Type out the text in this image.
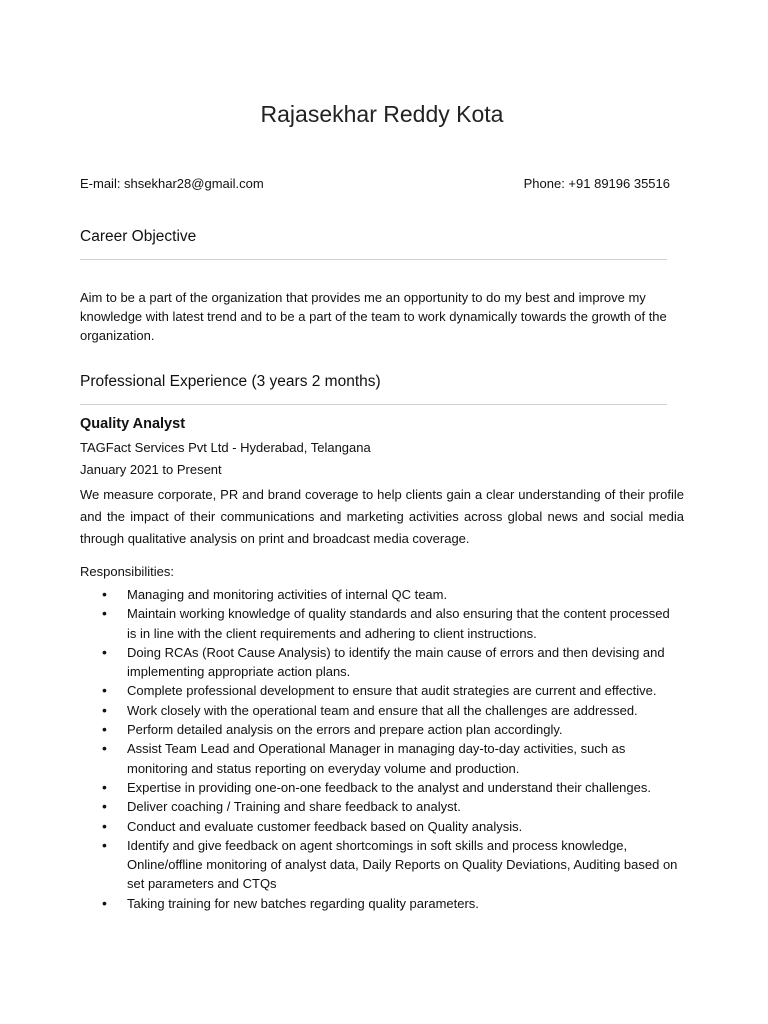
Rajasekhar Reddy Kota
E-mail: shsekhar28@gmail.com	Phone: +91 89196 35516
Career Objective
Aim to be a part of the organization that provides me an opportunity to do my best and improve my knowledge with latest trend and to be a part of the team to work dynamically towards the growth of the organization.
Professional Experience (3 years 2 months)
Quality Analyst
TAGFact Services Pvt Ltd - Hyderabad, Telangana
January 2021 to Present
We measure corporate, PR and brand coverage to help clients gain a clear understanding of their profile and the impact of their communications and marketing activities across global news and social media through qualitative analysis on print and broadcast media coverage.
Responsibilities:
• Managing and monitoring activities of internal QC team.
• Maintain working knowledge of quality standards and also ensuring that the content processed is in line with the client requirements and adhering to client instructions.
• Doing RCAs (Root Cause Analysis) to identify the main cause of errors and then devising and implementing appropriate action plans.
• Complete professional development to ensure that audit strategies are current and effective.
• Work closely with the operational team and ensure that all the challenges are addressed.
• Perform detailed analysis on the errors and prepare action plan accordingly.
• Assist Team Lead and Operational Manager in managing day-to-day activities, such as monitoring and status reporting on everyday volume and production.
• Expertise in providing one-on-one feedback to the analyst and understand their challenges.
• Deliver coaching / Training and share feedback to analyst.
• Conduct and evaluate customer feedback based on Quality analysis.
• Identify and give feedback on agent shortcomings in soft skills and process knowledge, Online/offline monitoring of analyst data, Daily Reports on Quality Deviations, Auditing based on set parameters and CTQs
• Taking training for new batches regarding quality parameters.
